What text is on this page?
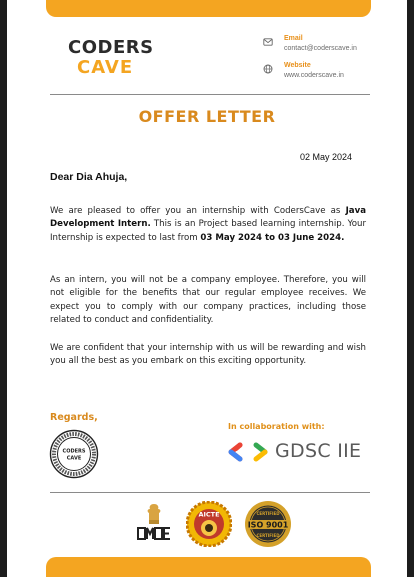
CODERS
CAVE
Email
contact@coderscave.in
Website
www.coderscave.in
OFFER LETTER
02 May 2024
Dear Dia Ahuja,

We are pleased to offer you an internship with CodersCave as Java Development Intern. This is an Project based learning internship. Your Internship is expected to last from 03 May 2024 to 03 June 2024.

As an intern, you will not be a company employee. Therefore, you will not eligible for the benefits that our regular employee receives. We expect you to comply with our company practices, including those related to conduct and confidentiality.

We are confident that your internship with us will be rewarding and wish you all the best as you embark on this exciting opportunity.

Regards,
CODERS
CAVE
In collaboration with:
GDSC IIE
AICTE
ISO 9001
CERTIFIED
CERTIFIED
